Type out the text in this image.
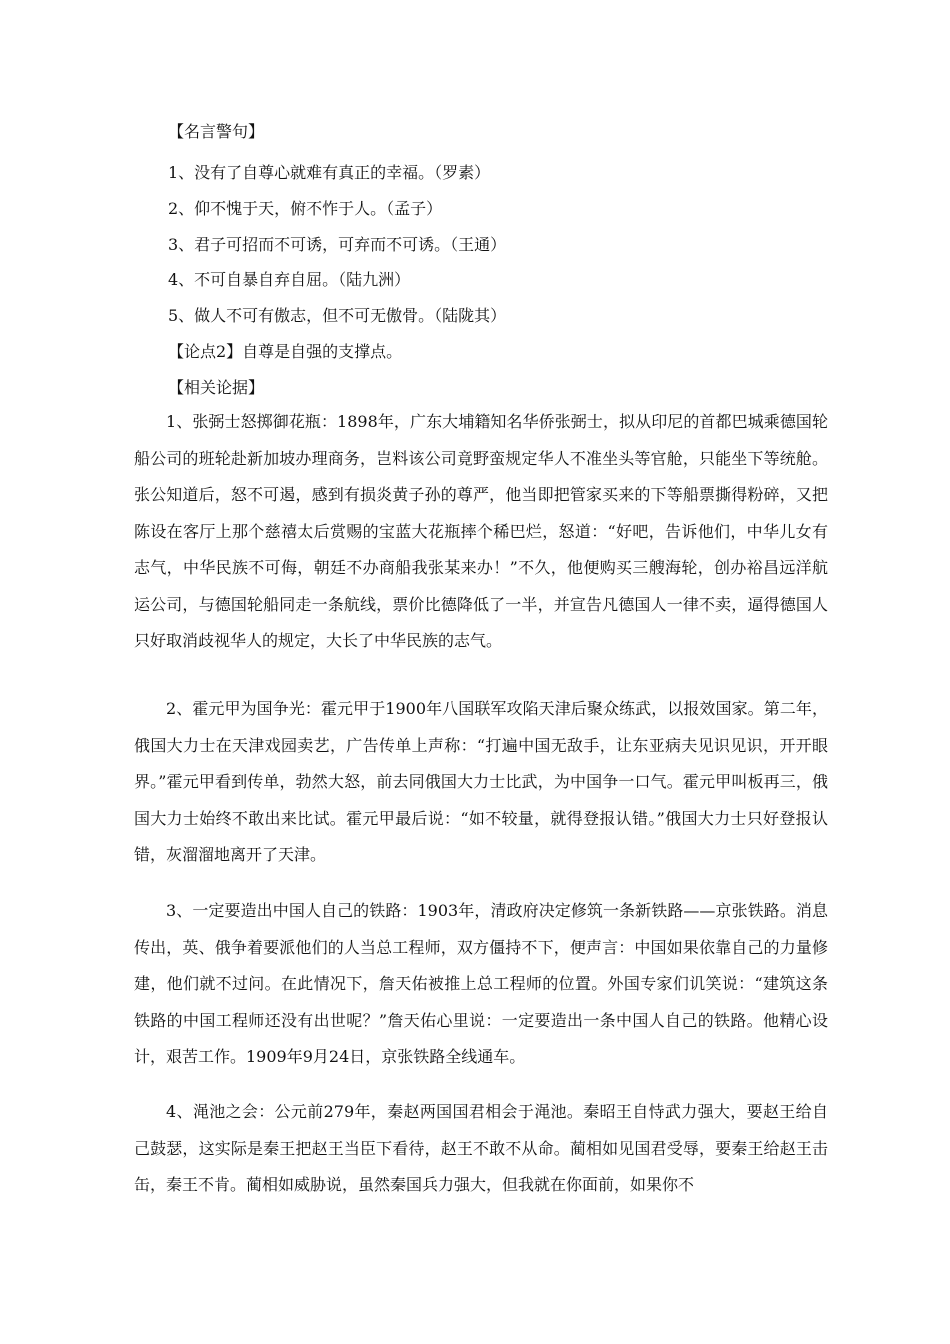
【名言警句】
1、没有了自尊心就难有真正的幸福。（罗素）
2、仰不愧于天，俯不怍于人。（孟子）
3、君子可招而不可诱，可弃而不可诱。（王通）
4、不可自暴自弃自屈。（陆九洲）
5、做人不可有傲志，但不可无傲骨。（陆陇其）
【论点2】自尊是自强的支撑点。
【相关论据】

1、张弼士怒掷御花瓶：1898年，广东大埔籍知名华侨张弼士，拟从印尼的首都巴城乘德国轮船公司的班轮赴新加坡办理商务，岂料该公司竟野蛮规定华人不准坐头等官舱，只能坐下等统舱。张公知道后，怒不可遏，感到有损炎黄子孙的尊严，他当即把管家买来的下等船票撕得粉碎，又把陈设在客厅上那个慈禧太后赏赐的宝蓝大花瓶摔个稀巴烂，怒道：“好吧，告诉他们，中华儿女有志气，中华民族不可侮，朝廷不办商船我张某来办！”不久，他便购买三艘海轮，创办裕昌远洋航运公司，与德国轮船同走一条航线，票价比德降低了一半，并宣告凡德国人一律不卖，逼得德国人只好取消歧视华人的规定，大长了中华民族的志气。

2、霍元甲为国争光：霍元甲于1900年八国联军攻陷天津后聚众练武，以报效国家。第二年，俄国大力士在天津戏园卖艺，广告传单上声称：“打遍中国无敌手，让东亚病夫见识见识，开开眼界。”霍元甲看到传单，勃然大怒，前去同俄国大力士比武，为中国争一口气。霍元甲叫板再三，俄国大力士始终不敢出来比试。霍元甲最后说：“如不较量，就得登报认错。”俄国大力士只好登报认错，灰溜溜地离开了天津。

3、一定要造出中国人自己的铁路：1903年，清政府决定修筑一条新铁路——京张铁路。消息传出，英、俄争着要派他们的人当总工程师，双方僵持不下，便声言：中国如果依靠自己的力量修建，他们就不过问。在此情况下，詹天佑被推上总工程师的位置。外国专家们讥笑说：“建筑这条铁路的中国工程师还没有出世呢？”詹天佑心里说：一定要造出一条中国人自己的铁路。他精心设计，艰苦工作。1909年9月24日，京张铁路全线通车。

4、渑池之会：公元前279年，秦赵两国国君相会于渑池。秦昭王自恃武力强大，要赵王给自己鼓瑟，这实际是秦王把赵王当臣下看待，赵王不敢不从命。蔺相如见国君受辱，要秦王给赵王击缶，秦王不肯。蔺相如威胁说，虽然秦国兵力强大，但我就在你面前，如果你不
